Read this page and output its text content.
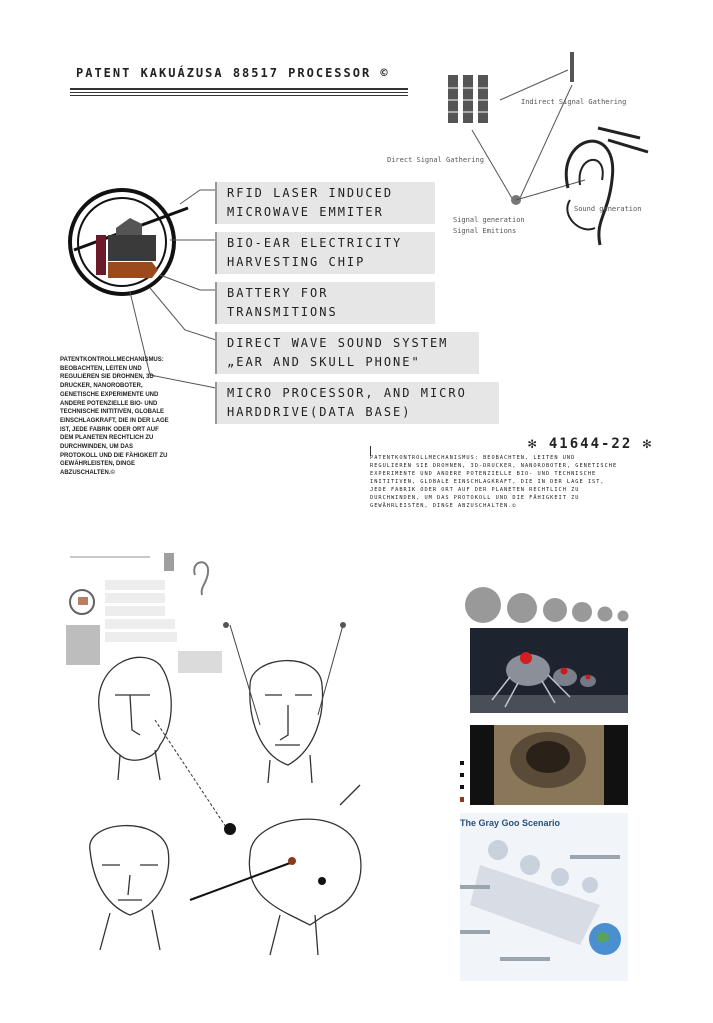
PATENT KAKUÁZUSA 88517 PROCESSOR ©
Indirect Signal Gathering
Direct Signal Gathering
Signal generation
Signal Emitions
Sound generation
RFID LASER INDUCED
MICROWAVE EMMITER
BIO-EAR ELECTRICITY
HARVESTING CHIP
BATTERY FOR
TRANSMITIONS
DIRECT WAVE SOUND SYSTEM
„EAR AND SKULL PHONE"
MICRO PROCESSOR, AND MICRO
HARDDRIVE(DATA BASE)
PATENTKONTROLLMECHANISMUS:
BEOBACHTEN, LEITEN UND
REGULIEREN SIE DROHNEN, 3D-
DRUCKER, NANOROBOTER,
GENETISCHE EXPERIMENTE UND
ANDERE POTENZIELLE BIO- UND
TECHNISCHE INITITIVEN, GLOBALE
EINSCHLAGKRAFT, DIE IN DER LAGE
IST, JEDE FABRIK ODER ORT AUF
DEM PLANETEN RECHTLICH ZU
DURCHWINDEN, UM DAS
PROTOKOLL UND DIE FÄHIGKEIT ZU
GEWÄHRLEISTEN, DINGE
ABZUSCHALTEN.©
✻ 41644-22 ✻
PATENTKONTROLLMECHANISMUS: BEOBACHTEN, LEITEN UND
REGULIEREN SIE DROHNEN, 3D-DRUCKER, NANOROBOTER, GENETISCHE
EXPERIMENTE UND ANDERE POTENZIELLE BIO- UND TECHNISCHE
INITITIVEN, GLOBALE EINSCHLAGKRAFT, DIE IN DER LAGE IST,
JEDE FABRIK ODER ORT AUF DER PLANETEN RECHTLICH ZU
DURCHWINDEN, UM DAS PROTOKOLL UND DIE FÄHIGKEIT ZU
GEWÄHRLEISTEN, DINGE ABZUSCHALTEN.©
The Gray Goo Scenario
